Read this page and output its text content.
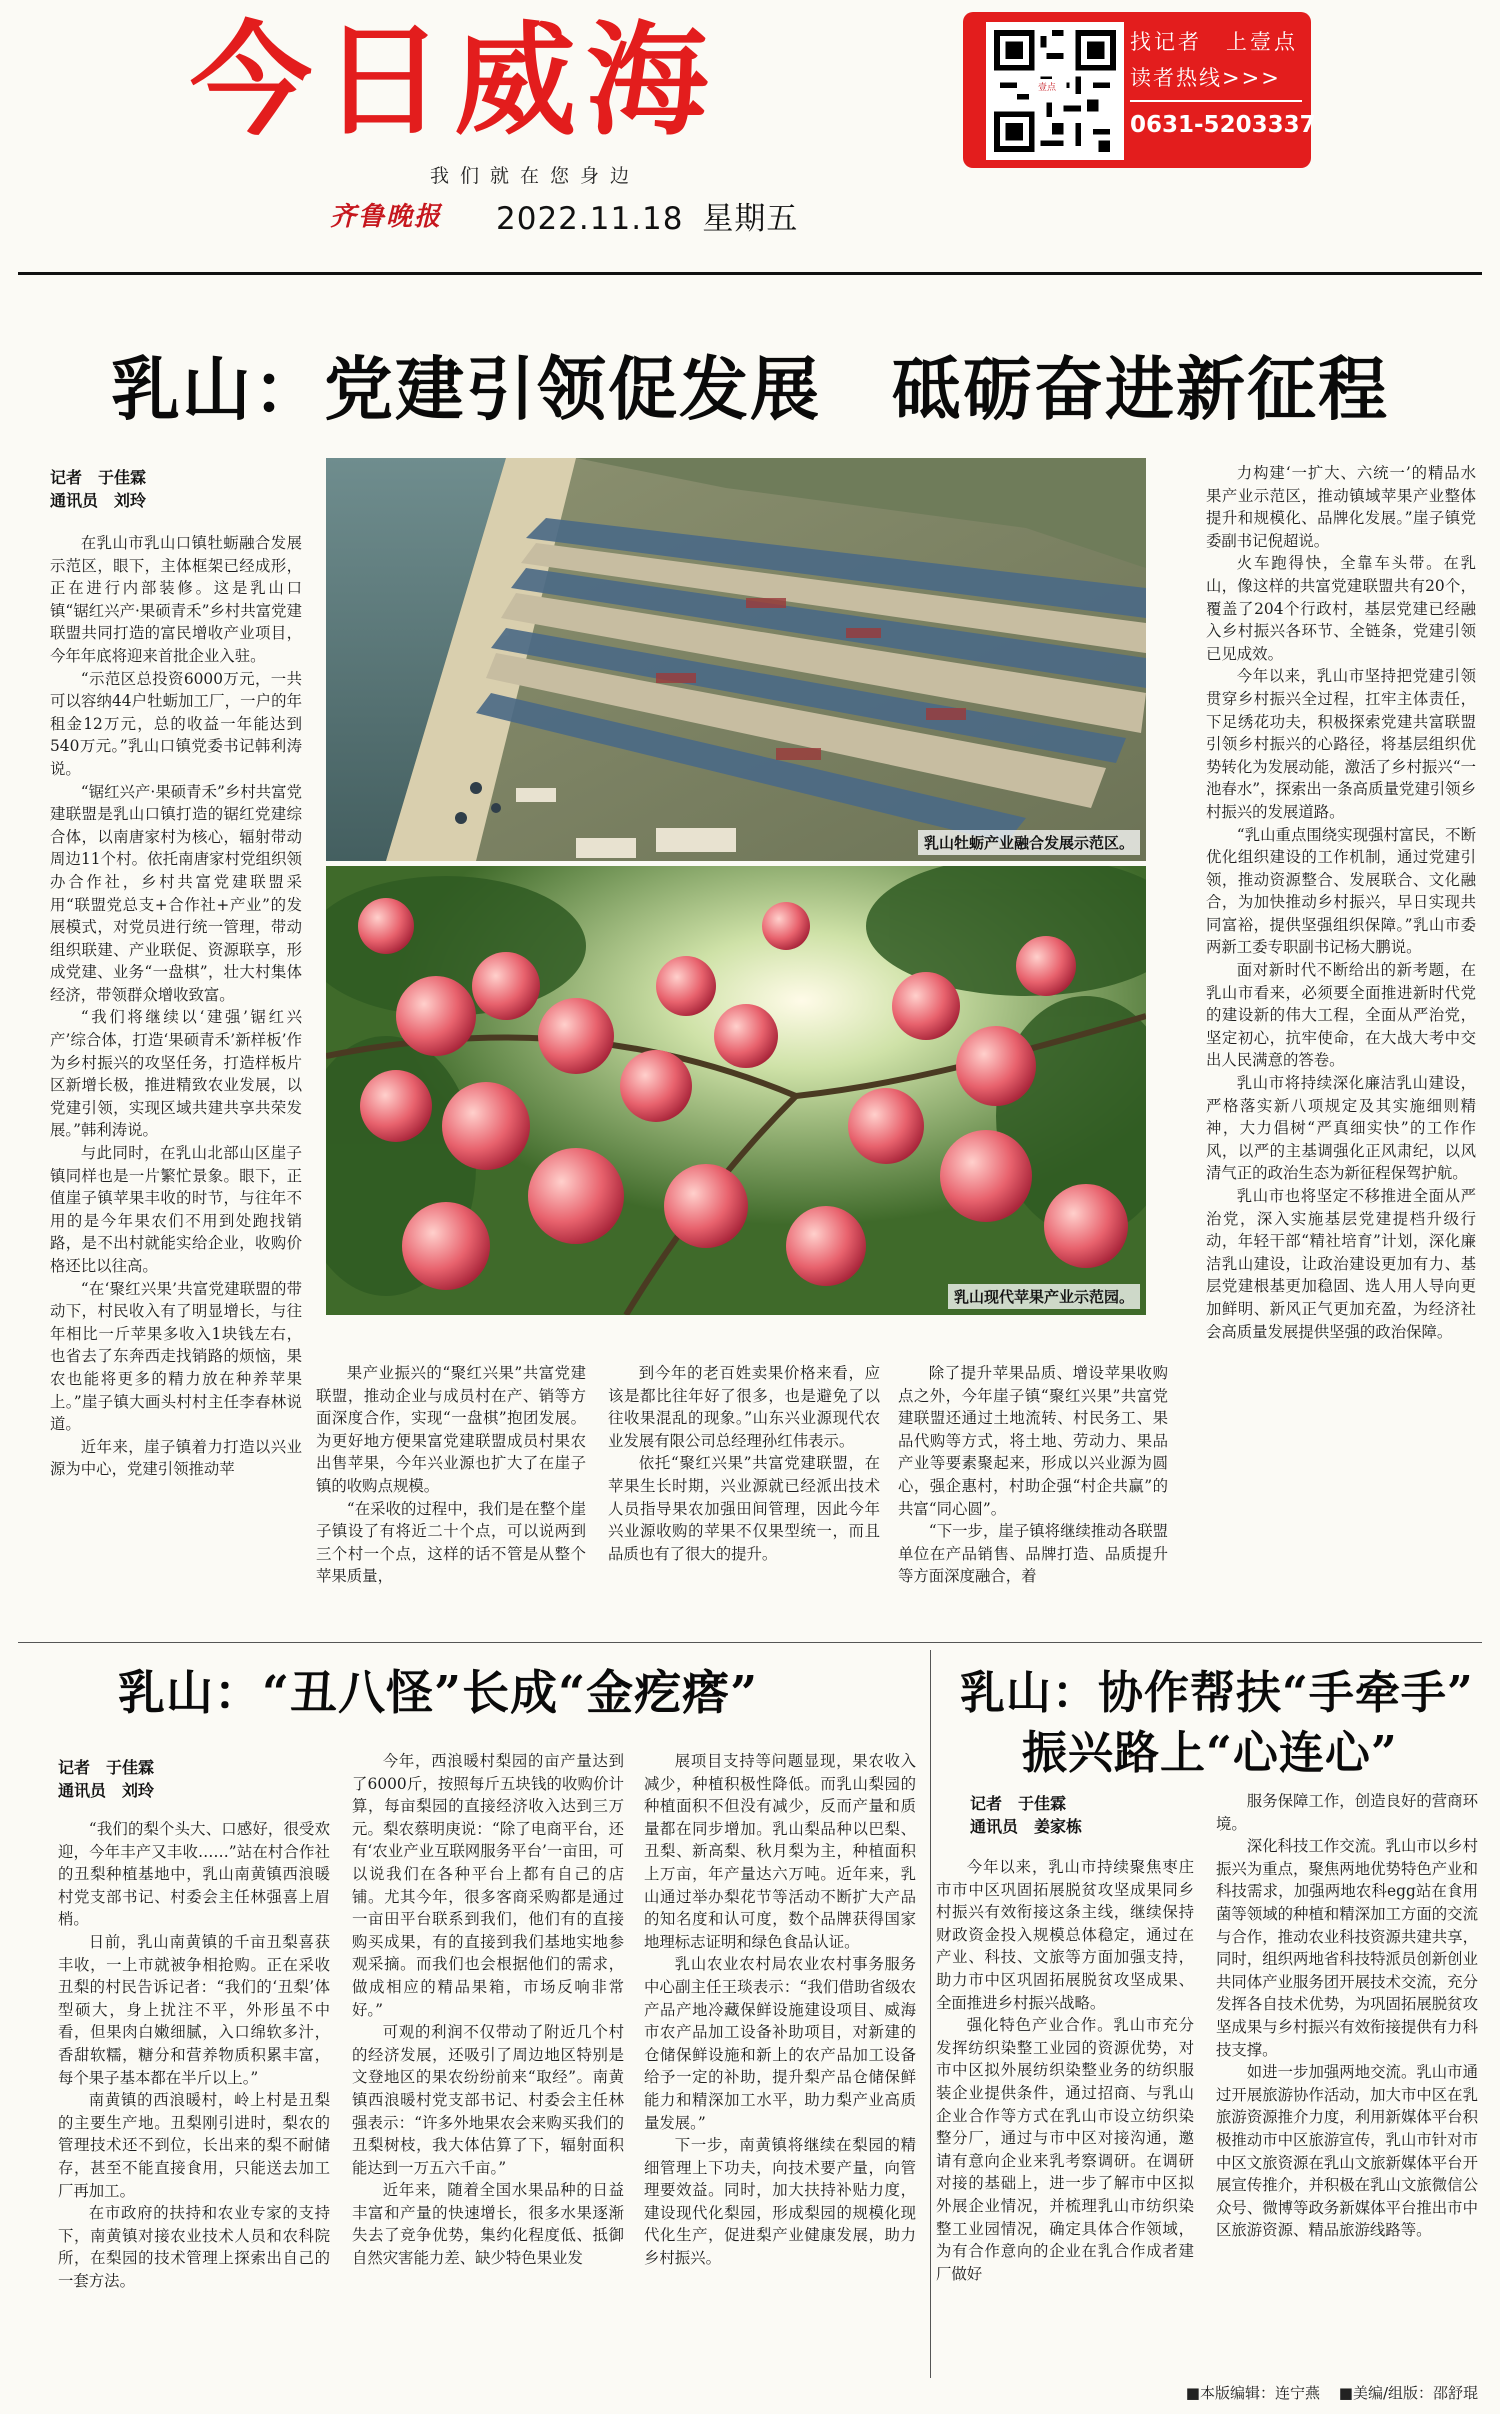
今日威海
我们就在您身边
齐鲁晚报 2022.11.18 星期五
壹点
找记者　上壹点
读者热线>>>
0631-5203337
乳山：党建引领促发展　砥砺奋进新征程
记者　于佳霖
通讯员　刘玲

在乳山市乳山口镇牡蛎融合发展示范区，眼下，主体框架已经成形，正在进行内部装修。这是乳山口镇“锯红兴产·果硕青禾”乡村共富党建联盟共同打造的富民增收产业项目，今年年底将迎来首批企业入驻。

“示范区总投资6000万元，一共可以容纳44户牡蛎加工厂，一户的年租金12万元，总的收益一年能达到540万元。”乳山口镇党委书记韩利涛说。

“锯红兴产·果硕青禾”乡村共富党建联盟是乳山口镇打造的锯红党建综合体，以南唐家村为核心，辐射带动周边11个村。依托南唐家村党组织领办合作社，乡村共富党建联盟采用“联盟党总支+合作社+产业”的发展模式，对党员进行统一管理，带动组织联建、产业联促、资源联享，形成党建、业务“一盘棋”，壮大村集体经济，带领群众增收致富。

“我们将继续以‘建强’锯红兴产’综合体，打造‘果硕青禾’新样板’作为乡村振兴的攻坚任务，打造样板片区新增长极，推进精致农业发展，以党建引领，实现区域共建共享共荣发展。”韩利涛说。

与此同时，在乳山北部山区崖子镇同样也是一片繁忙景象。眼下，正值崖子镇苹果丰收的时节，与往年不用的是今年果农们不用到处跑找销路，是不出村就能实给企业，收购价格还比以往高。

“在‘聚红兴果’共富党建联盟的带动下，村民收入有了明显增长，与往年相比一斤苹果多收入1块钱左右，也省去了东奔西走找销路的烦恼，果农也能将更多的精力放在种养苹果上。”崖子镇大画头村村主任李春林说道。

近年来，崖子镇着力打造以兴业源为中心，党建引领推动苹

乳山牡蛎产业融合发展示范区。
乳山现代苹果产业示范园。

果产业振兴的“聚红兴果”共富党建联盟，推动企业与成员村在产、销等方面深度合作，实现“一盘棋”抱团发展。为更好地方便果富党建联盟成员村果农出售苹果，今年兴业源也扩大了在崖子镇的收购点规模。

“在采收的过程中，我们是在整个崖子镇设了有将近二十个点，可以说两到三个村一个点，这样的话不管是从整个苹果质量，

到今年的老百姓卖果价格来看，应该是都比往年好了很多，也是避免了以往收果混乱的现象。”山东兴业源现代农业发展有限公司总经理孙红伟表示。

依托“聚红兴果”共富党建联盟，在苹果生长时期，兴业源就已经派出技术人员指导果农加强田间管理，因此今年兴业源收购的苹果不仅果型统一，而且品质也有了很大的提升。

除了提升苹果品质、增设苹果收购点之外，今年崖子镇“聚红兴果”共富党建联盟还通过土地流转、村民务工、果品代购等方式，将土地、劳动力、果品产业等要素聚起来，形成以兴业源为圆心，强企惠村，村助企强“村企共赢”的共富“同心圆”。

“下一步，崖子镇将继续推动各联盟单位在产品销售、品牌打造、品质提升等方面深度融合，着

力构建‘一扩大、六统一’的精品水果产业示范区，推动镇域苹果产业整体提升和规模化、品牌化发展。”崖子镇党委副书记倪超说。

火车跑得快，全靠车头带。在乳山，像这样的共富党建联盟共有20个，覆盖了204个行政村，基层党建已经融入乡村振兴各环节、全链条，党建引领已见成效。

今年以来，乳山市坚持把党建引领贯穿乡村振兴全过程，扛牢主体责任，下足绣花功夫，积极探索党建共富联盟引领乡村振兴的心路径，将基层组织优势转化为发展动能，激活了乡村振兴“一池春水”，探索出一条高质量党建引领乡村振兴的发展道路。

“乳山重点围绕实现强村富民，不断优化组织建设的工作机制，通过党建引领，推动资源整合、发展联合、文化融合，为加快推动乡村振兴，早日实现共同富裕，提供坚强组织保障。”乳山市委两新工委专职副书记杨大鹏说。

面对新时代不断给出的新考题，在乳山市看来，必须要全面推进新时代党的建设新的伟大工程，全面从严治党，坚定初心，抗牢使命，在大战大考中交出人民满意的答卷。

乳山市将持续深化廉洁乳山建设，严格落实新八项规定及其实施细则精神，大力倡树“严真细实快”的工作作风，以严的主基调强化正风肃纪，以风清气正的政治生态为新征程保驾护航。

乳山市也将坚定不移推进全面从严治党，深入实施基层党建提档升级行动，年轻干部“精社培育”计划，深化廉洁乳山建设，让政治建设更加有力、基层党建根基更加稳固、选人用人导向更加鲜明、新风正气更加充盈，为经济社会高质量发展提供坚强的政治保障。

乳山：“丑八怪”长成“金疙瘩”
记者　于佳霖
通讯员　刘玲

“我们的梨个头大、口感好，很受欢迎，今年丰产又丰收……”站在村合作社的丑梨种植基地中，乳山南黄镇西浪暖村党支部书记、村委会主任林强喜上眉梢。

日前，乳山南黄镇的千亩丑梨喜获丰收，一上市就被争相抢购。正在采收丑梨的村民告诉记者：“我们的‘丑梨’体型硕大，身上扰注不平，外形虽不中看，但果肉白嫩细腻，入口绵软多汁，香甜软糯，糖分和营养物质积累丰富，每个果子基本都在半斤以上。”

南黄镇的西浪暖村，岭上村是丑梨的主要生产地。丑梨刚引进时，梨农的管理技术还不到位，长出来的梨不耐储存，甚至不能直接食用，只能送去加工厂再加工。

在市政府的扶持和农业专家的支持下，南黄镇对接农业技术人员和农科院所，在梨园的技术管理上探索出自己的一套方法。

今年，西浪暖村梨园的亩产量达到了6000斤，按照每斤五块钱的收购价计算，每亩梨园的直接经济收入达到三万元。梨农蔡明庚说：“除了电商平台，还有‘农业产业互联网服务平台’一亩田，可以说我们在各种平台上都有自己的店铺。尤其今年，很多客商采购都是通过一亩田平台联系到我们，他们有的直接购买成果，有的直接到我们基地实地参观采摘。而我们也会根据他们的需求，做成相应的精品果箱，市场反响非常好。”

可观的利润不仅带动了附近几个村的经济发展，还吸引了周边地区特别是文登地区的果农纷纷前来“取经”。南黄镇西浪暖村党支部书记、村委会主任林强表示：“许多外地果农会来购买我们的丑梨树枝，我大体估算了下，辐射面积能达到一万五六千亩。”

近年来，随着全国水果品种的日益丰富和产量的快速增长，很多水果逐渐失去了竞争优势，集约化程度低、抵御自然灾害能力差、缺少特色果业发

展项目支持等问题显现，果农收入减少，种植积极性降低。而乳山梨园的种植面积不但没有减少，反而产量和质量都在同步增加。乳山梨品种以巴梨、丑梨、新高梨、秋月梨为主，种植面积上万亩，年产量达六万吨。近年来，乳山通过举办梨花节等活动不断扩大产品的知名度和认可度，数个品牌获得国家地理标志证明和绿色食品认证。

乳山农业农村局农业农村事务服务中心副主任王琰表示：“我们借助省级农产品产地冷藏保鲜设施建设项目、威海市农产品加工设备补助项目，对新建的仓储保鲜设施和新上的农产品加工设备给予一定的补助，提升梨产品仓储保鲜能力和精深加工水平，助力梨产业高质量发展。”

下一步，南黄镇将继续在梨园的精细管理上下功夫，向技术要产量，向管理要效益。同时，加大扶持补贴力度，建设现代化梨园，形成梨园的规模化现代化生产，促进梨产业健康发展，助力乡村振兴。

乳山：协作帮扶“手牵手”
振兴路上“心连心”
记者　于佳霖
通讯员　姜家栋

今年以来，乳山市持续聚焦枣庄市市中区巩固拓展脱贫攻坚成果同乡村振兴有效衔接这条主线，继续保持财政资金投入规模总体稳定，通过在产业、科技、文旅等方面加强支持，助力市中区巩固拓展脱贫攻坚成果、全面推进乡村振兴战略。

强化特色产业合作。乳山市充分发挥纺织染整工业园的资源优势，对市中区拟外展纺织染整业务的纺织服装企业提供条件，通过招商、与乳山企业合作等方式在乳山市设立纺织染整分厂，通过与市中区对接沟通，邀请有意向企业来乳考察调研。在调研对接的基础上，进一步了解市中区拟外展企业情况，并梳理乳山市纺织染整工业园情况，确定具体合作领域，为有合作意向的企业在乳合作成者建厂做好

服务保障工作，创造良好的营商环境。

深化科技工作交流。乳山市以乡村振兴为重点，聚焦两地优势特色产业和科技需求，加强两地农科egg站在食用菌等领域的种植和精深加工方面的交流与合作，推动农业科技资源共建共享，同时，组织两地省科技特派员创新创业共同体产业服务团开展技术交流，充分发挥各自技术优势，为巩固拓展脱贫攻坚成果与乡村振兴有效衔接提供有力科技支撑。

如进一步加强两地交流。乳山市通过开展旅游协作活动，加大市中区在乳旅游资源推介力度，利用新媒体平台积极推动市中区旅游宣传，乳山市针对市中区文旅资源在乳山文旅新媒体平台开展宣传推介，并积极在乳山文旅微信公众号、微博等政务新媒体平台推出市中区旅游资源、精品旅游线路等。

■本版编辑：连宁燕 ■美编/组版：邵舒琨
